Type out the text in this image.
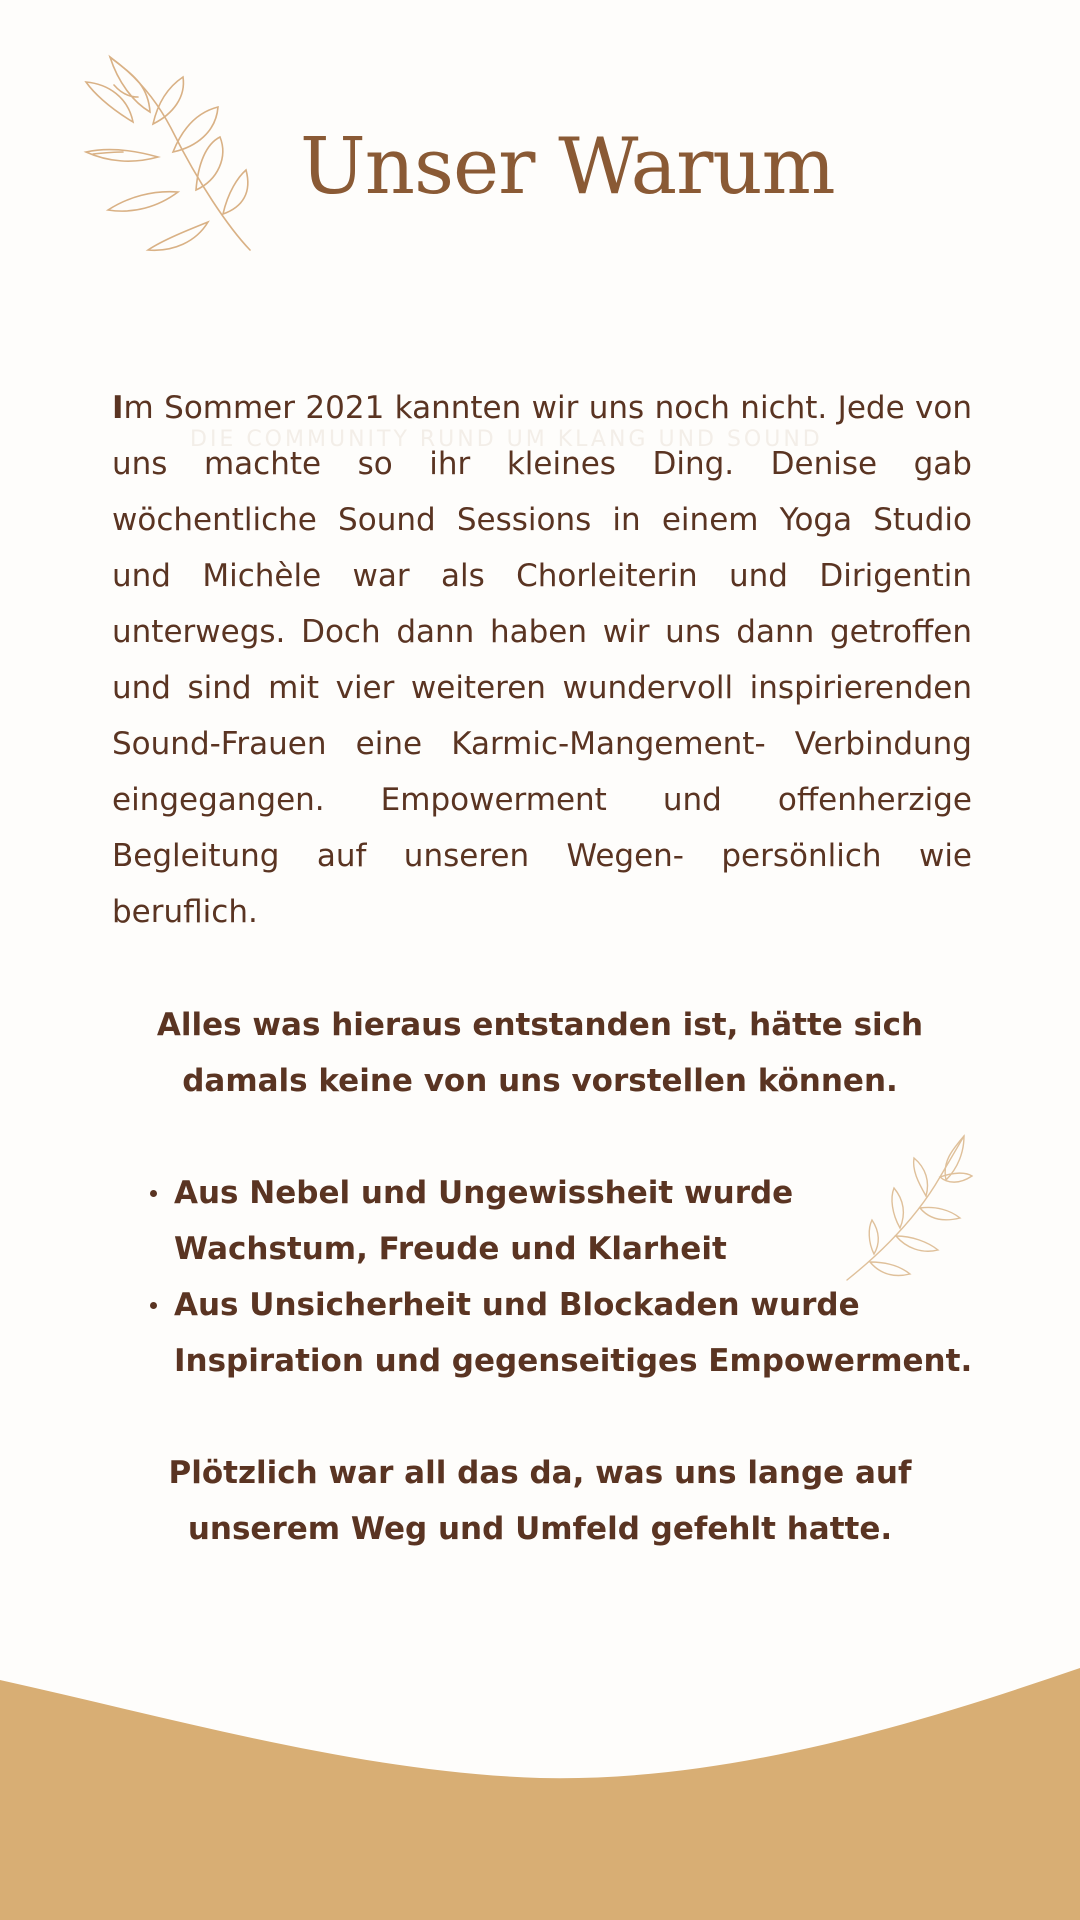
Unser Warum
DIE COMMUNITY RUND UM KLANG UND SOUND

Im Sommer 2021 kannten wir uns noch nicht. Jede von uns machte so ihr kleines Ding. Denise gab wöchentliche Sound Sessions in einem Yoga Studio und Michèle war als Chorleiterin und Dirigentin unterwegs. Doch dann haben wir uns dann getroffen und sind mit vier weiteren wundervoll inspirierenden Sound-Frauen eine Karmic-Mangement- Verbindung eingegangen. Empowerment und offenherzige Begleitung auf unseren Wegen- persönlich wie beruflich.

Alles was hieraus entstanden ist, hätte sich damals keine von uns vorstellen können.

Aus Nebel und Ungewissheit wurde Wachstum, Freude und Klarheit
Aus Unsicherheit und Blockaden wurde Inspiration und gegenseitiges Empowerment.

Plötzlich war all das da, was uns lange auf unserem Weg und Umfeld gefehlt hatte.
